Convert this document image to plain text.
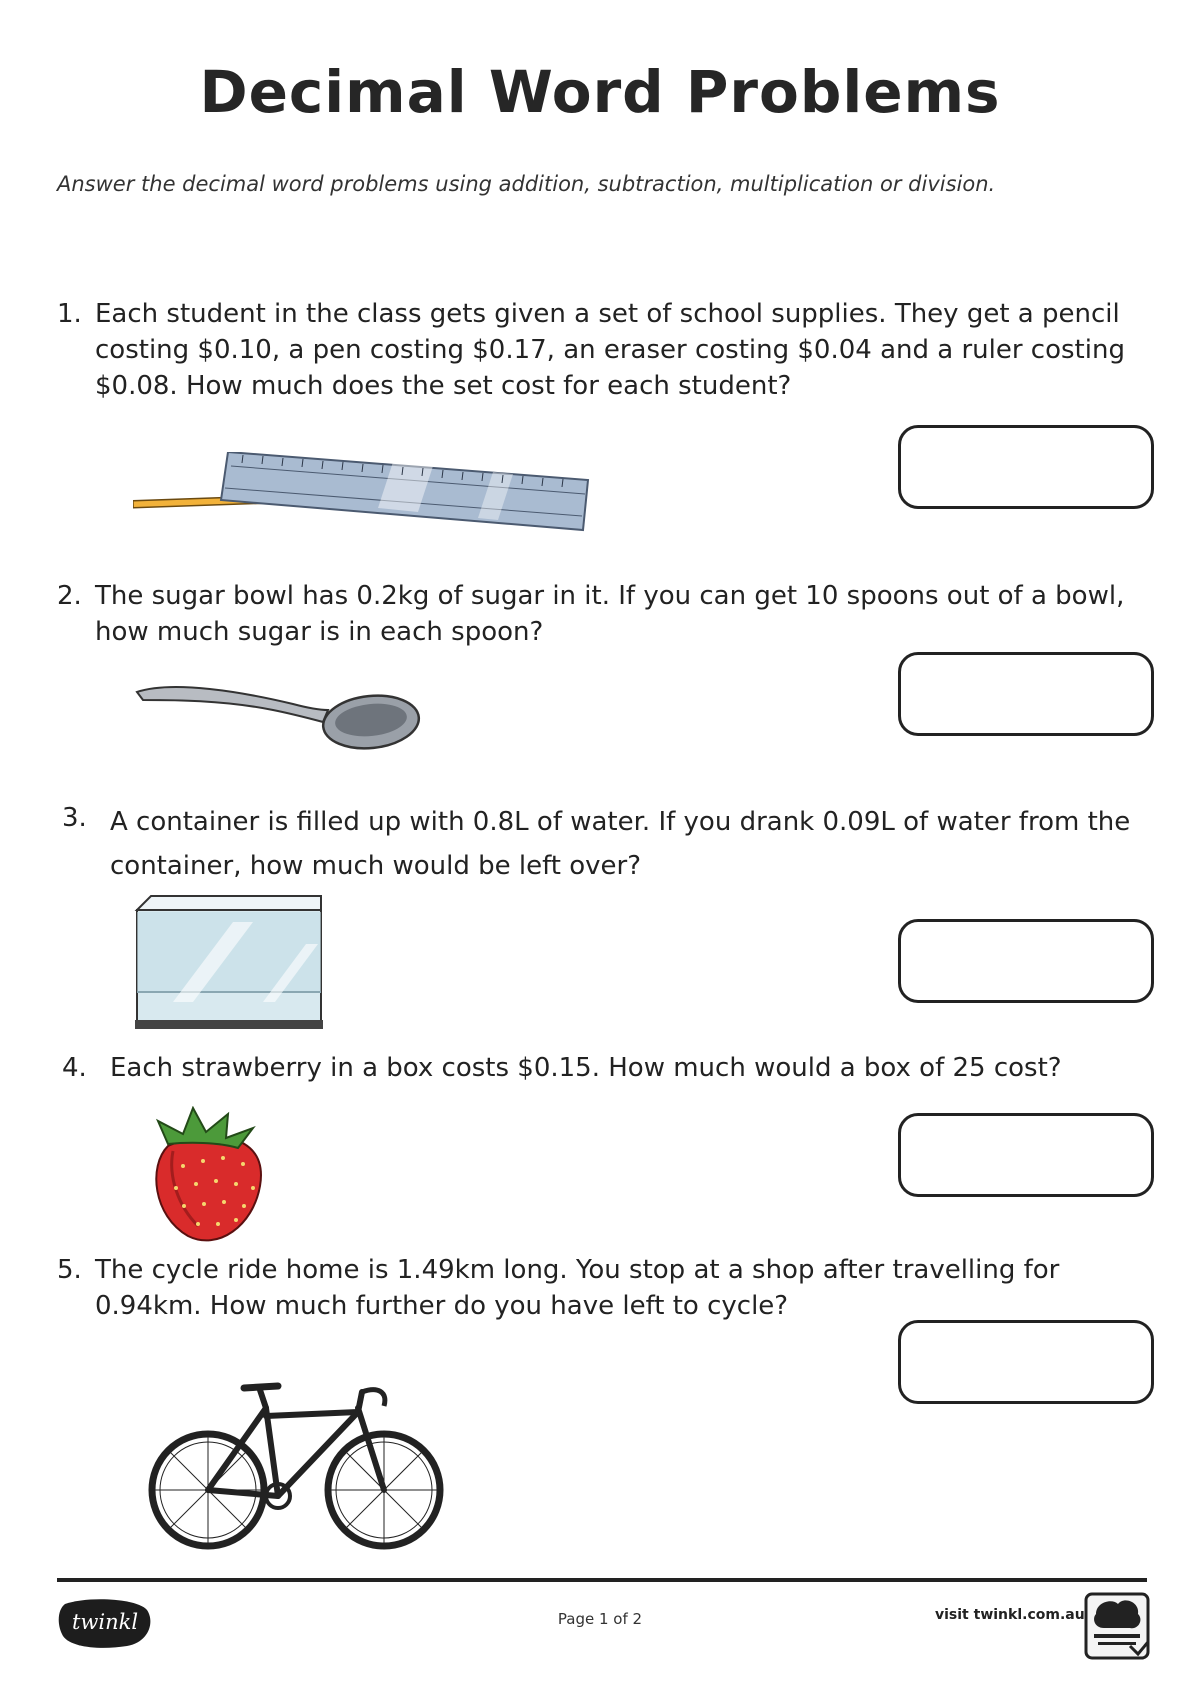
Decimal Word Problems
Answer the decimal word problems using addition, subtraction, multiplication or division.
1. Each student in the class gets given a set of school supplies. They get a pencil costing $0.10, a pen costing $0.17, an eraser costing $0.04 and a ruler costing $0.08. How much does the set cost for each student?
2. The sugar bowl has 0.2kg of sugar in it. If you can get 10 spoons out of a bowl, how much sugar is in each spoon?
3. A container is filled up with 0.8L of water. If you drank 0.09L of water from the container, how much would be left over?
4. Each strawberry in a box costs $0.15. How much would a box of 25 cost?
5. The cycle ride home is 1.49km long. You stop at a shop after travelling for 0.94km. How much further do you have left to cycle?
twinkl	Page 1 of 2	visit twinkl.com.au
